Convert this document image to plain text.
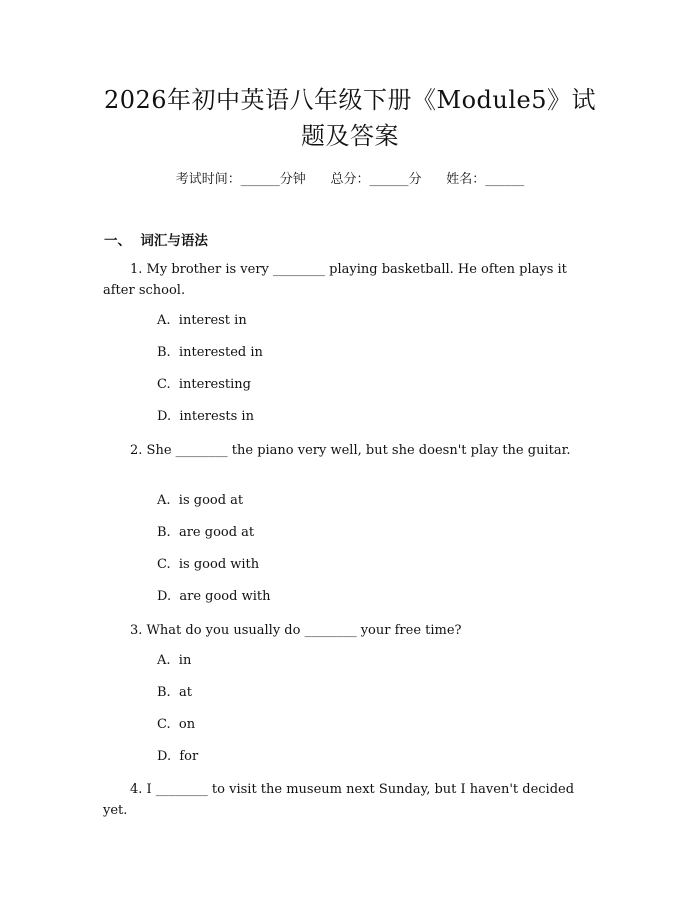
2026年初中英语八年级下册《Module5》试
题及答案
考试时间：______分钟      总分：______分      姓名：______
一、  词汇与语法
1. My brother is very ________ playing basketball. He often plays it after school.
A.  interest in
B.  interested in
C.  interesting
D.  interests in
2. She ________ the piano very well, but she doesn't play the guitar.
A.  is good at
B.  are good at
C.  is good with
D.  are good with
3. What do you usually do ________ your free time?
A.  in
B.  at
C.  on
D.  for
4. I ________ to visit the museum next Sunday, but I haven't decided yet.
